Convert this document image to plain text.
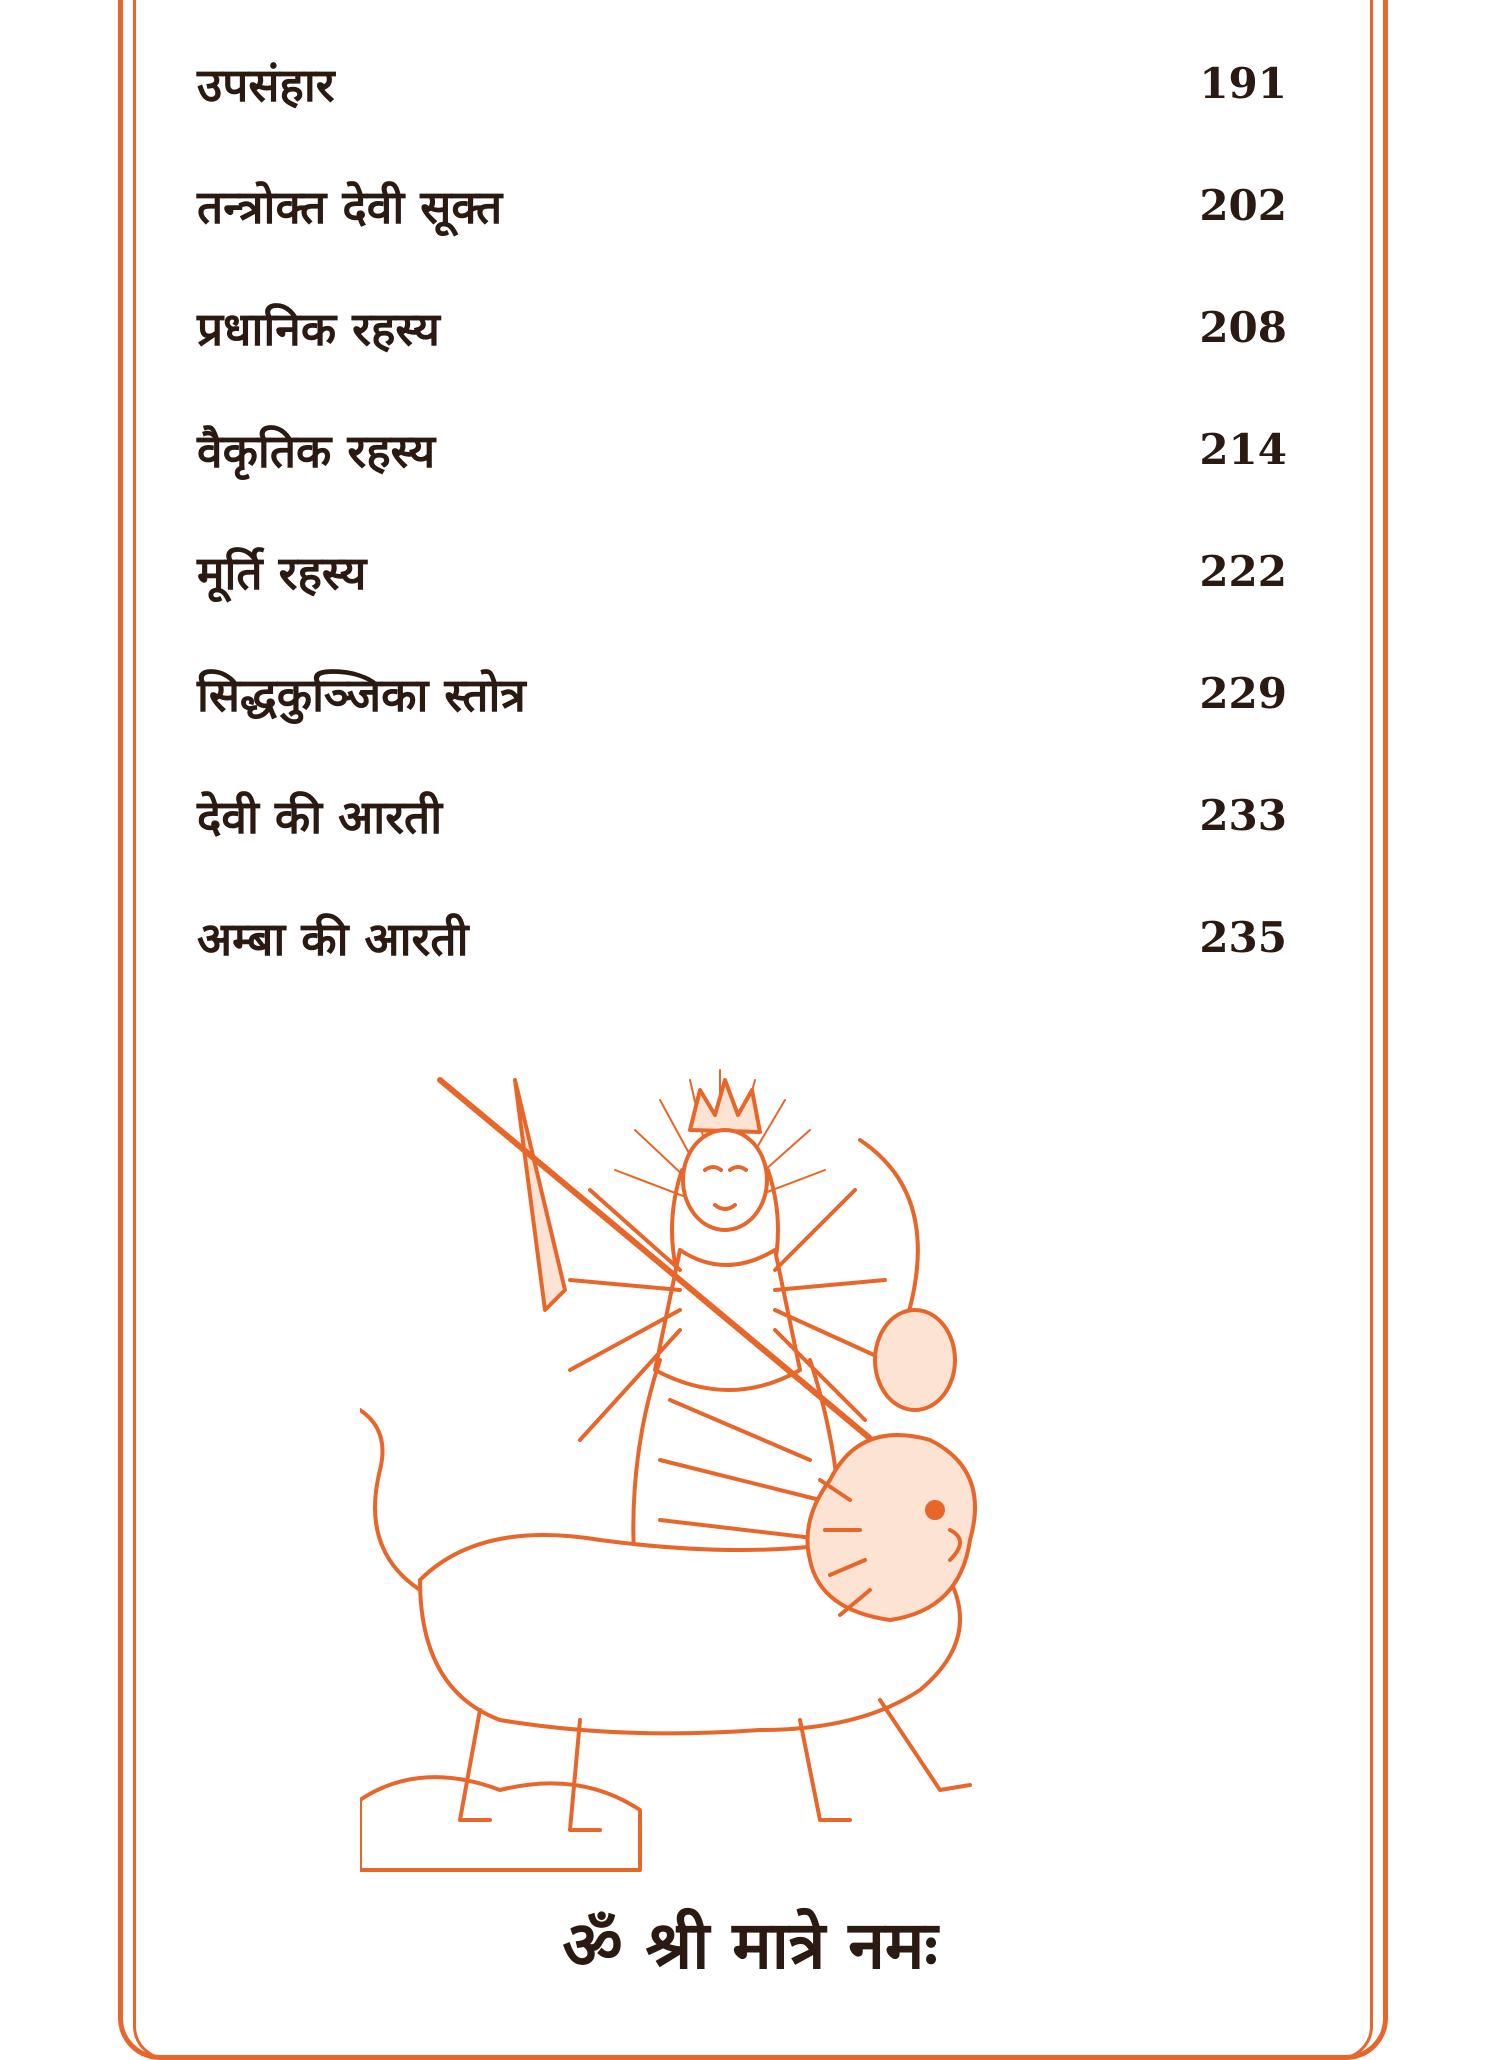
उपसंहार	191
तन्त्रोक्त देवी सूक्त	202
प्रधानिक रहस्य	208
वैकृतिक रहस्य	214
मूर्ति रहस्य	222
सिद्धकुञ्जिका स्तोत्र	229
देवी की आरती	233
अम्बा की आरती	235
ॐ श्री मात्रे नमः
